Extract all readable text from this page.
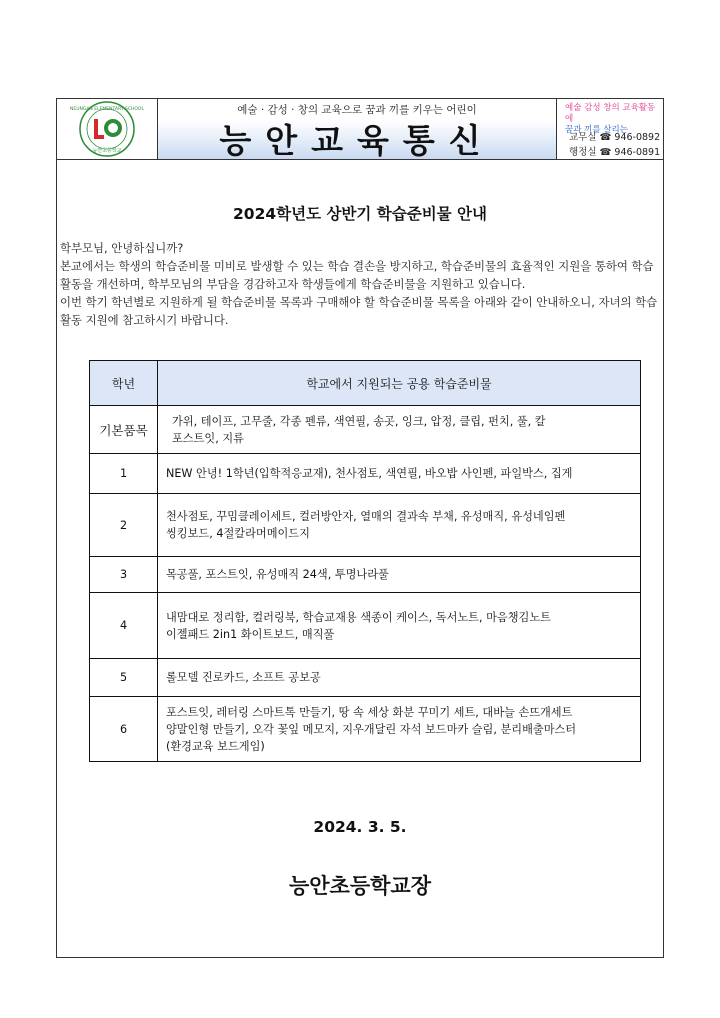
NEUNGAN ELEMENTARY SCHOOL
능안초등학교
예술 · 감성 · 창의 교육으로 꿈과 끼를 키우는 어린이
능안교육통신
예술 감성 창의 교육활동에
꿈과 끼를 살리는
교무실 ☎ 946-0892
행정실 ☎ 946-0891
2024학년도 상반기 학습준비물 안내

학부모님, 안녕하십니까?

본교에서는 학생의 학습준비물 미비로 발생할 수 있는 학습 결손을 방지하고, 학습준비물의 효율적인 지원을 통하여 학습활동을 개선하며, 학부모님의 부담을 경감하고자 학생들에게 학습준비물을 지원하고 있습니다.

이번 학기 학년별로 지원하게 될 학습준비물 목록과 구매해야 할 학습준비물 목록을 아래와 같이 안내하오니, 자녀의 학습활동 지원에 참고하시기 바랍니다.

학년	학교에서 지원되는 공용 학습준비물
기본품목	가위, 테이프, 고무줄, 각종 펜류, 색연필, 송곳, 잉크, 압정, 클립, 펀치, 풀, 칼
포스트잇, 지류

1	NEW 안녕! 1학년(입학적응교재), 천사점토, 색연필, 바오밥 사인펜, 파일박스, 집게

2	천사점토, 꾸밈클레이세트, 컬러방안자, 열매의 결과속 부채, 유성매직, 유성네임펜
씽킹보드, 4절칼라머메이드지

3	목공풀, 포스트잇, 유성매직 24색, 투명나라풀

4	내맘대로 정리함, 컬러링북, 학습교재용 색종이 케이스, 독서노트, 마음챙김노트
이젤패드 2in1 화이트보드, 매직풀

5	롤모델 진로카드, 소프트 공보공

6	포스트잇, 레터링 스마트톡 만들기, 땅 속 세상 화분 꾸미기 세트, 대바늘 손뜨개세트
양말인형 만들기, 오각 꽃잎 메모지, 지우개달린 자석 보드마카 슬림, 분리배출마스터
(환경교육 보드게임)
2024. 3. 5.
능안초등학교장
